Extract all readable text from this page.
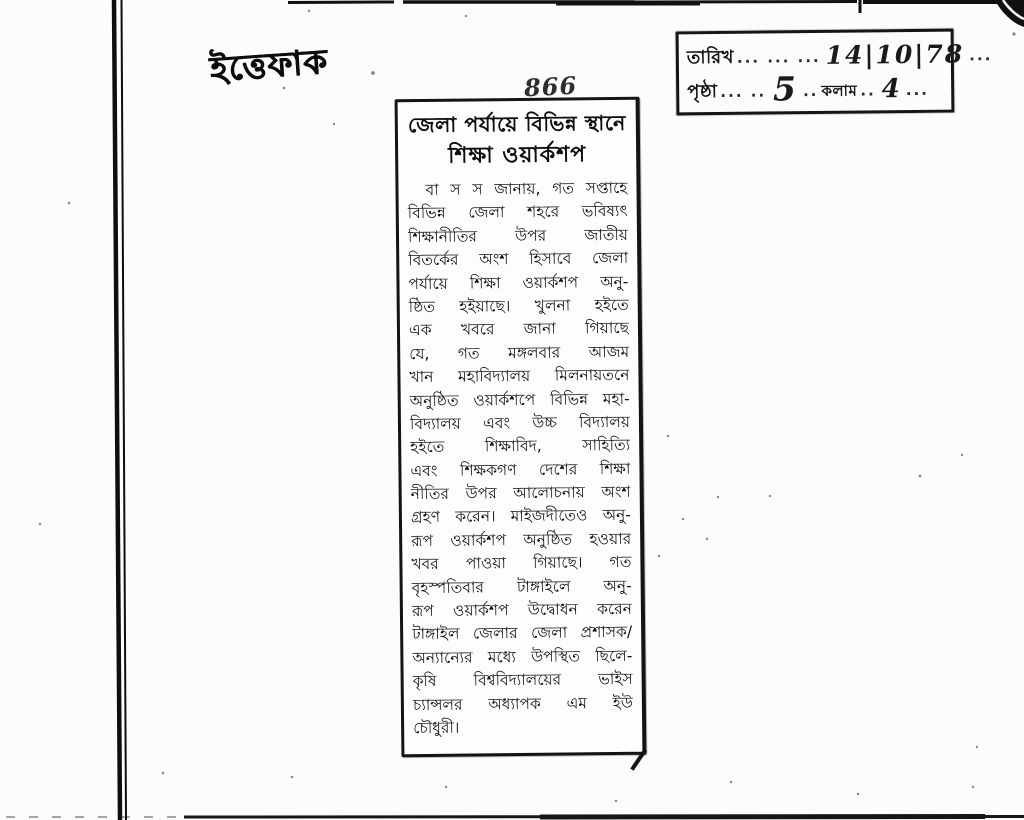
ইত্তেফাক	866
তারিখ ... ... ... 14|10|78 ...
পৃষ্ঠা ... .. 5 .. কলাম .. 4 ...
জেলা পর্যায়ে বিভিন্ন স্থানে
শিক্ষা ওয়ার্কশপ
বা স স জানায়, গত সপ্তাহে
বিভিন্ন জেলা শহরে ভবিষ্যৎ
শিক্ষানীতির উপর জাতীয়
বিতর্কের অংশ হিসাবে জেলা
পর্যায়ে শিক্ষা ওয়ার্কশপ অনু-
ষ্ঠিত হইয়াছে। খুলনা হইতে
এক খবরে জানা গিয়াছে
যে, গত মঙ্গলবার আজম
খান মহাবিদ্যালয় মিলনায়তনে
অনুষ্ঠিত ওয়ার্কশপে বিভিন্ন মহা-
বিদ্যালয় এবং উচ্চ বিদ্যালয়
হইতে শিক্ষাবিদ, সাহিত্যি
এবং শিক্ষকগণ দেশের শিক্ষা
নীতির উপর আলোচনায় অংশ
গ্রহণ করেন। মাইজদীতেও অনু-
রূপ ওয়ার্কশপ অনুষ্ঠিত হওয়ার
খবর পাওয়া গিয়াছে। গত
বৃহস্পতিবার টাঙ্গাইলে অনু-
রূপ ওয়ার্কশপ উদ্বোধন করেন
টাঙ্গাইল জেলার জেলা প্রশাসক/
অন্যান্যের মধ্যে উপস্থিত ছিলে-
কৃষি বিশ্ববিদ্যালয়ের ভাইস
চ্যান্সলর অধ্যাপক এম ইউ
চৌধুরী।
